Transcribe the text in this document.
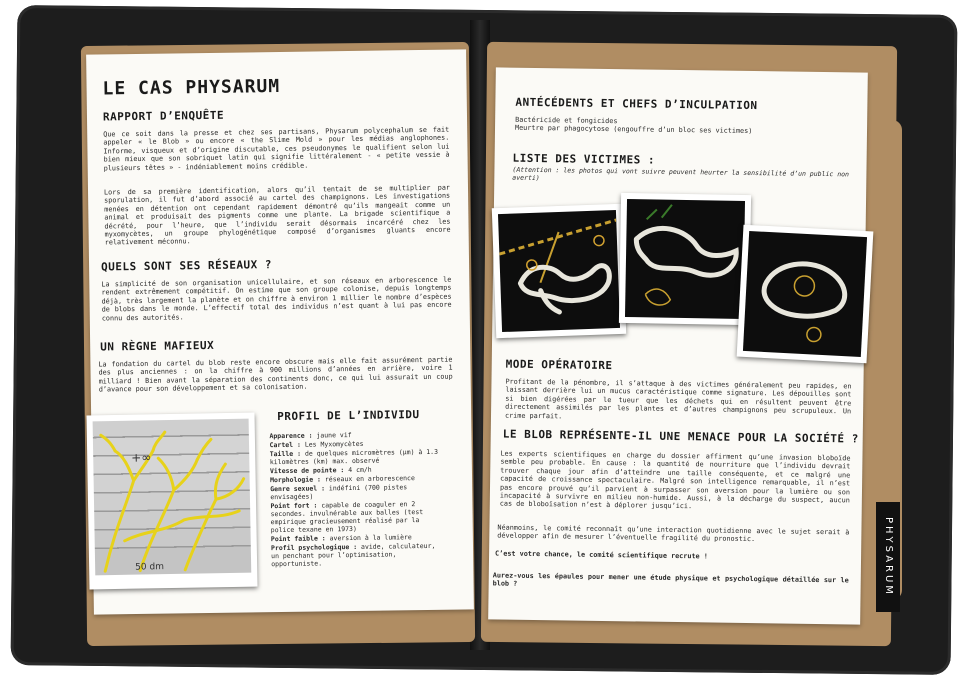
LE CAS PHYSARUM
RAPPORT D’ENQUÊTE
Que ce soit dans la presse et chez ses partisans, Physarum polycephalum se fait appeler « le Blob » ou encore « the Slime Mold » pour les médias anglophones. Informe, visqueux et d’origine discutable, ces pseudonymes le qualifient selon lui bien mieux que son sobriquet latin qui signifie littéralement - « petite vessie à plusieurs têtes » - indéniablement moins crédible.
Lors de sa première identification, alors qu’il tentait de se multiplier par sporulation, il fut d’abord associé au cartel des champignons. Les investigations menées en détention ont cependant rapidement démontré qu’ils mangeait comme un animal et produisait des pigments comme une plante. La brigade scientifique a décrété, pour l’heure, que l’individu serait désormais incarcéré chez les myxomycètes, un groupe phylogénétique composé d’organismes gluants encore relativement méconnu.
QUELS SONT SES RÉSEAUX ?
La simplicité de son organisation unicellulaire, et son réseaux en arborescence le rendent extrêmement compétitif. On estime que son groupe colonise, depuis longtemps déjà, très largement la planète et on chiffre à environ 1 millier le nombre d’espèces de blobs dans le monde. L’effectif total des individus n’est quant à lui pas encore connu des autorités.
UN RÈGNE MAFIEUX
La fondation du cartel du blob reste encore obscure mais elle fait assurément partie des plus anciennes : on la chiffre à 900 millions d’années en arrière, voire 1 milliard ! Bien avant la séparation des continents donc, ce qui lui assurait un coup d’avance pour son développement et sa colonisation.
PROFIL DE L’INDIVIDU
Apparence : jaune vif
Cartel : Les Myxomycètes
Taille : de quelques micromètres (µm) à 1.3 kilomètres (km) max. observé
Vitesse de pointe : 4 cm/h
Morphologie : réseaux en arborescence
Genre sexuel : indéfini (700 pistes envisagées)
Point fort : capable de coaguler en 2 secondes. invulnérable aux balles (test empirique gracieusement réalisé par la police texane en 1973)
Point faible : aversion à la lumière
Profil psychologique : avide, calculateur, un penchant pour l’optimisation, opportuniste.
+∞
50 dm
ANTÉCÉDENTS ET CHEFS D’INCULPATION
Bactéricide et fongicides
Meurtre par phagocytose (engouffre d’un bloc ses victimes)
LISTE DES VICTIMES :
(Attention : les photos qui vont suivre peuvent heurter la sensibilité d’un public non averti)
MODE OPÉRATOIRE
Profitant de la pénombre, il s’attaque à des victimes généralement peu rapides, en laissant derrière lui un mucus caractéristique comme signature. Les dépouilles sont si bien digérées par le tueur que les déchets qui en résultent peuvent être directement assimilés par les plantes et d’autres champignons peu scrupuleux. Un crime parfait.
LE BLOB REPRÉSENTE-IL UNE MENACE POUR LA SOCIÉTÉ ?
Les experts scientifiques en charge du dossier affirment qu’une invasion bloboïde semble peu probable. En cause : la quantité de nourriture que l’individu devrait trouver chaque jour afin d’atteindre une taille conséquente, et ce malgré une capacité de croissance spectaculaire. Malgré son intelligence remarquable, il n’est pas encore prouvé qu’il parvient à surpasser son aversion pour la lumière ou son incapacité à survivre en milieu non-humide. Aussi, à la décharge du suspect, aucun cas de bloboïsation n’est à déplorer jusqu’ici.
Néanmoins, le comité reconnaît qu’une interaction quotidienne avec le sujet serait à développer afin de mesurer l’éventuelle fragilité du pronostic.
C’est votre chance, le comité scientifique recrute !
Aurez-vous les épaules pour mener une étude physique et psychologique détaillée sur le blob ?	PHYSARUM
